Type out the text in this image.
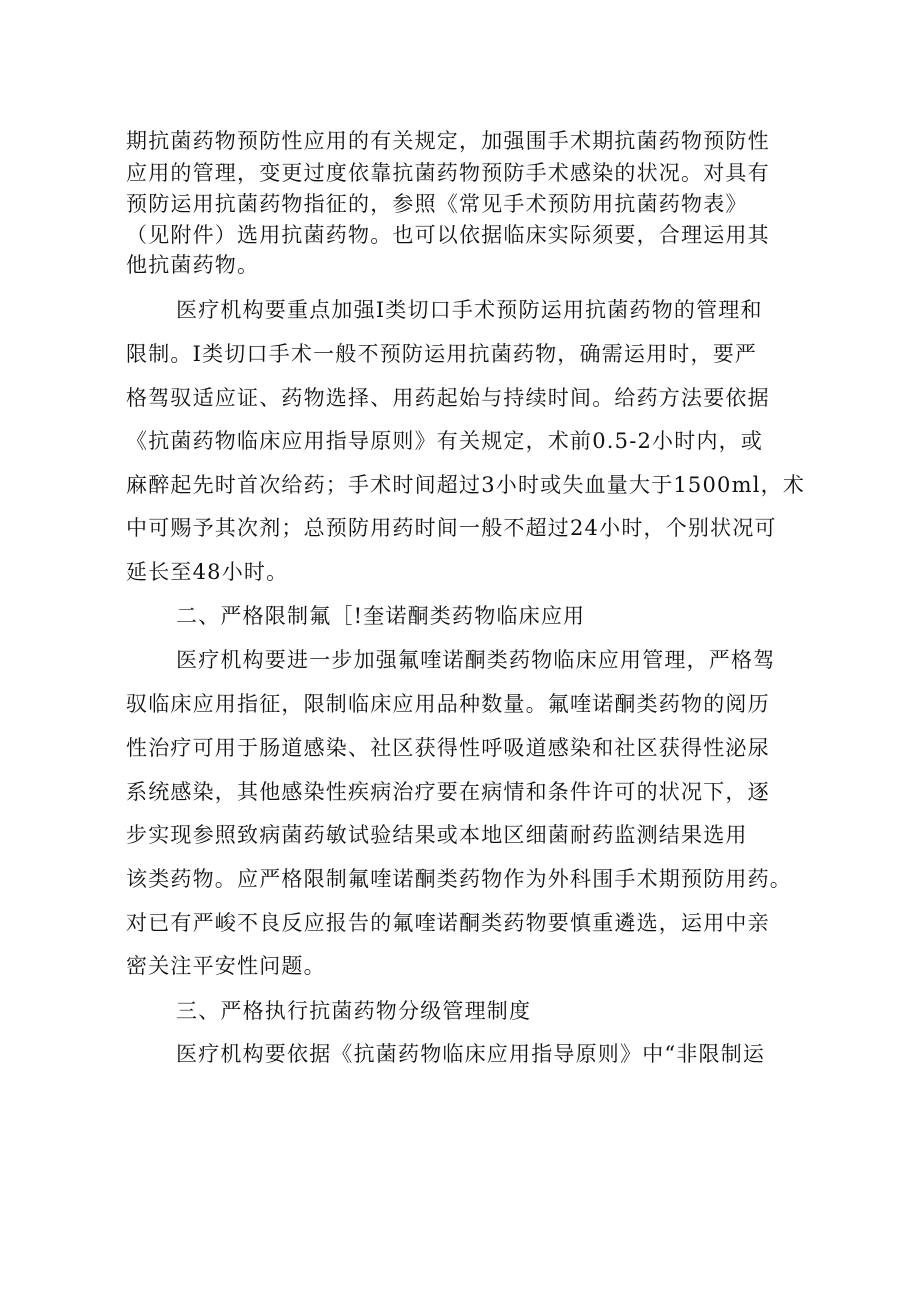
期抗菌药物预防性应用的有关规定，加强围手术期抗菌药物预防性
应用的管理，变更过度依靠抗菌药物预防手术感染的状况。对具有
预防运用抗菌药物指征的，参照《常见手术预防用抗菌药物表》
（见附件）选用抗菌药物。也可以依据临床实际须要，合理运用其
他抗菌药物。
医疗机构要重点加强I类切口手术预防运用抗菌药物的管理和
限制。I类切口手术一般不预防运用抗菌药物，确需运用时，要严
格驾驭适应证、药物选择、用药起始与持续时间。给药方法要依据
《抗菌药物临床应用指导原则》有关规定，术前0.5-2小时内，或
麻醉起先时首次给药；手术时间超过3小时或失血量大于1500ml，术
中可赐予其次剂；总预防用药时间一般不超过24小时，个别状况可
延长至48小时。
二、严格限制氟［!奎诺酮类药物临床应用
医疗机构要进一步加强氟喹诺酮类药物临床应用管理，严格驾
驭临床应用指征，限制临床应用品种数量。氟喹诺酮类药物的阅历
性治疗可用于肠道感染、社区获得性呼吸道感染和社区获得性泌尿
系统感染，其他感染性疾病治疗要在病情和条件许可的状况下，逐
步实现参照致病菌药敏试验结果或本地区细菌耐药监测结果选用
该类药物。应严格限制氟喹诺酮类药物作为外科围手术期预防用药。
对已有严峻不良反应报告的氟喹诺酮类药物要慎重遴选，运用中亲
密关注平安性问题。
三、严格执行抗菌药物分级管理制度
医疗机构要依据《抗菌药物临床应用指导原则》中“非限制运
